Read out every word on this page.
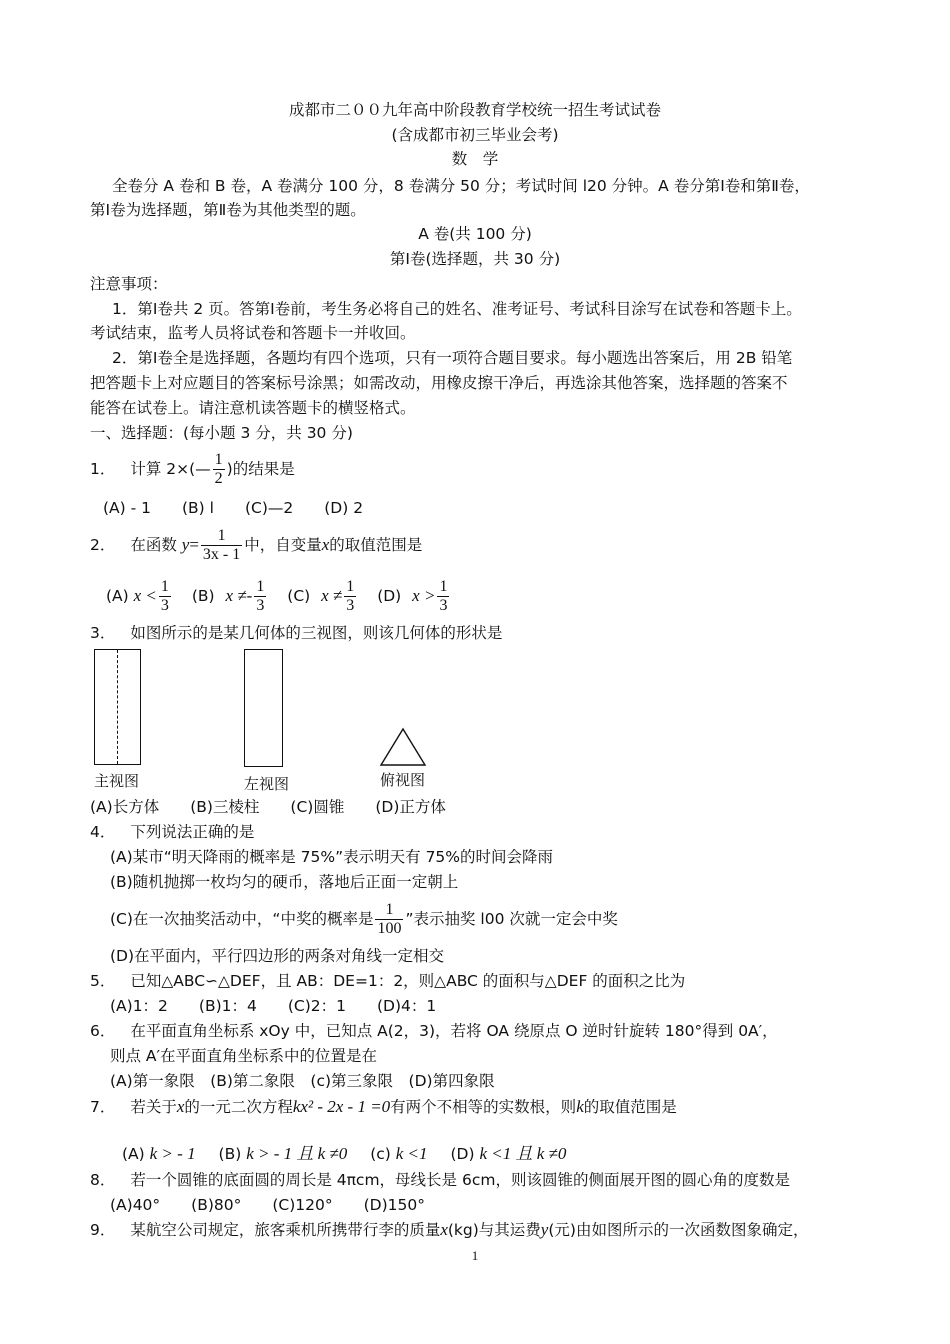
成都市二００九年高中阶段教育学校统一招生考试试卷
(含成都市初三毕业会考)
数　学
全卷分 A 卷和 B 卷，A 卷满分 100 分，8 卷满分 50 分；考试时间 l20 分钟。A 卷分第Ⅰ卷和第Ⅱ卷，
第Ⅰ卷为选择题，第Ⅱ卷为其他类型的题。
A 卷(共 100 分)
第Ⅰ卷(选择题，共 30 分)
注意事项：
1．第Ⅰ卷共 2 页。答第Ⅰ卷前，考生务必将自己的姓名、准考证号、考试科目涂写在试卷和答题卡上。
考试结束，监考人员将试卷和答题卡一并收回。
2．第Ⅰ卷全是选择题，各题均有四个选项，只有一项符合题目要求。每小题选出答案后，用 2B 铅笔
把答题卡上对应题目的答案标号涂黑；如需改动，用橡皮擦干净后，再选涂其他答案，选择题的答案不
能答在试卷上。请注意机读答题卡的横竖格式。
一、选择题：(每小题 3 分，共 30 分)
1． 计算 2×(— $\frac{1}{2}$ )的结果是
(A) - 1　　(B) l　　(C)—2　　(D) 2
2． 在函数 $y= \frac{1}{3x - 1}$ 中，自变量x的取值范围是
(A) $x < \frac{1}{3} (B) x \ne- \frac{1}{3} (C) x \ne \frac{1}{3} (D) x > \frac{1}{3}$
3． 如图所示的是某几何体的三视图，则该几何体的形状是
主视图	左视图	俯视图
(A)长方体　　(B)三棱柱　　(C)圆锥　　(D)正方体
4． 下列说法正确的是
(A)某市“明天降雨的概率是 75%”表示明天有 75%的时间会降雨
(B)随机抛掷一枚均匀的硬币，落地后正面一定朝上
(C)在一次抽奖活动中，“中奖的概率是 $\frac{1}{100}$ ”表示抽奖 l00 次就一定会中奖
(D)在平面内，平行四边形的两条对角线一定相交
5． 已知△ABC∽△DEF，且 AB：DE=1：2，则△ABC 的面积与△DEF 的面积之比为
(A)1：2　　(B)1：4　　(C)2：1　　(D)4：1
6． 在平面直角坐标系 xOy 中，已知点 A(2，3)，若将 OA 绕原点 O 逆时针旋转 180°得到 0A′，
则点 A′在平面直角坐标系中的位置是在
(A)第一象限　(B)第二象限　(c)第三象限　(D)第四象限
7． 若关于x的一元二次方程kx² - 2x - 1 =0有两个不相等的实数根，则k的取值范围是
(A) k > - 1 (B) k > - 1 且 k ≠0 (c) k <1 (D) k <1 且 k ≠0
8． 若一个圆锥的底面圆的周长是 4πcm，母线长是 6cm，则该圆锥的侧面展开图的圆心角的度数是
(A)40°　　(B)80°　　(C)120°　　(D)150°
9． 某航空公司规定，旅客乘机所携带行李的质量x(kg)与其运费y(元)由如图所示的一次函数图象确定，
1
